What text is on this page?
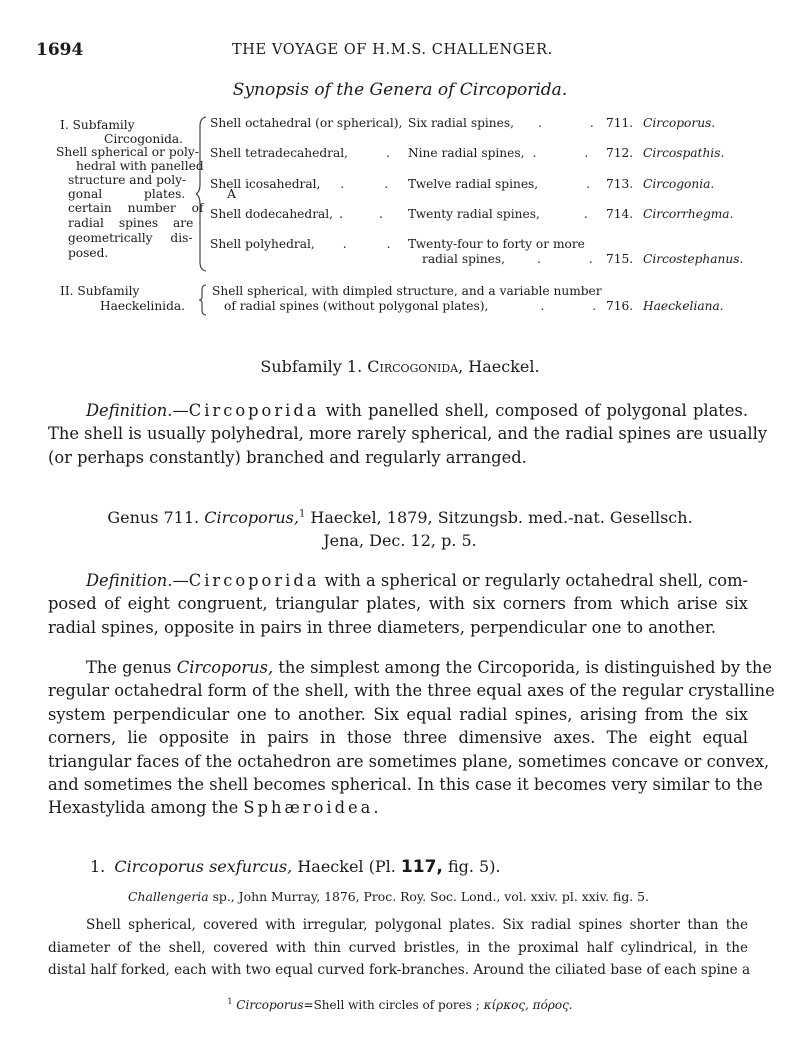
1694	THE VOYAGE OF H.M.S. CHALLENGER.
Synopsis of the Genera of Circoporida.
I. Subfamily
Circogonida.
Shell spherical or poly-
hedral with panelled
structure and poly-
gonal plates. A
certain number of
radial spines are
geometrically dis-
posed.
Shell octahedral (or spherical), Six radial spines, .	. 711. Circoporus.
Shell tetradecahedral,	. Nine radial spines, .	. 712. Circospathis.
Shell icosahedral, .	. Twelve radial spines,	. 713. Circogonia.
Shell dodecahedral, .	. Twenty radial spines,	. 714. Circorrhegma.
Shell polyhedral, .	. Twenty-four to forty or more
radial spines,	.	. 715. Circostephanus.
II. Subfamily
Haeckelinida.
Shell spherical, with dimpled structure, and a variable number
of radial spines (without polygonal plates),	.	. 716. Haeckeliana.
Subfamily 1. Circogonida, Haeckel.
Definition.—Circoporida with panelled shell, composed of polygonal plates.
The shell is usually polyhedral, more rarely spherical, and the radial spines are usually
(or perhaps constantly) branched and regularly arranged.
Genus 711. Circoporus,$^1$ Haeckel, 1879, Sitzungsb. med.-nat. Gesellsch.
Jena, Dec. 12, p. 5.
Definition.—Circoporida with a spherical or regularly octahedral shell, com-
posed of eight congruent, triangular plates, with six corners from which arise six
radial spines, opposite in pairs in three diameters, perpendicular one to another.
The genus Circoporus, the simplest among the Circoporida, is distinguished by the
regular octahedral form of the shell, with the three equal axes of the regular crystalline
system perpendicular one to another. Six equal radial spines, arising from the six
corners, lie opposite in pairs in those three dimensive axes. The eight equal
triangular faces of the octahedron are sometimes plane, sometimes concave or convex,
and sometimes the shell becomes spherical. In this case it becomes very similar to the
Hexastylida among the Sphæroidea.
1. Circoporus sexfurcus, Haeckel (Pl. 117, fig. 5).
Challengeria sp., John Murray, 1876, Proc. Roy. Soc. Lond., vol. xxiv. pl. xxiv. fig. 5.
Shell spherical, covered with irregular, polygonal plates. Six radial spines shorter than the
diameter of the shell, covered with thin curved bristles, in the proximal half cylindrical, in the
distal half forked, each with two equal curved fork-branches. Around the ciliated base of each spine a
$^1$ Circoporus=Shell with circles of pores ; κίρκος, πόρος.
